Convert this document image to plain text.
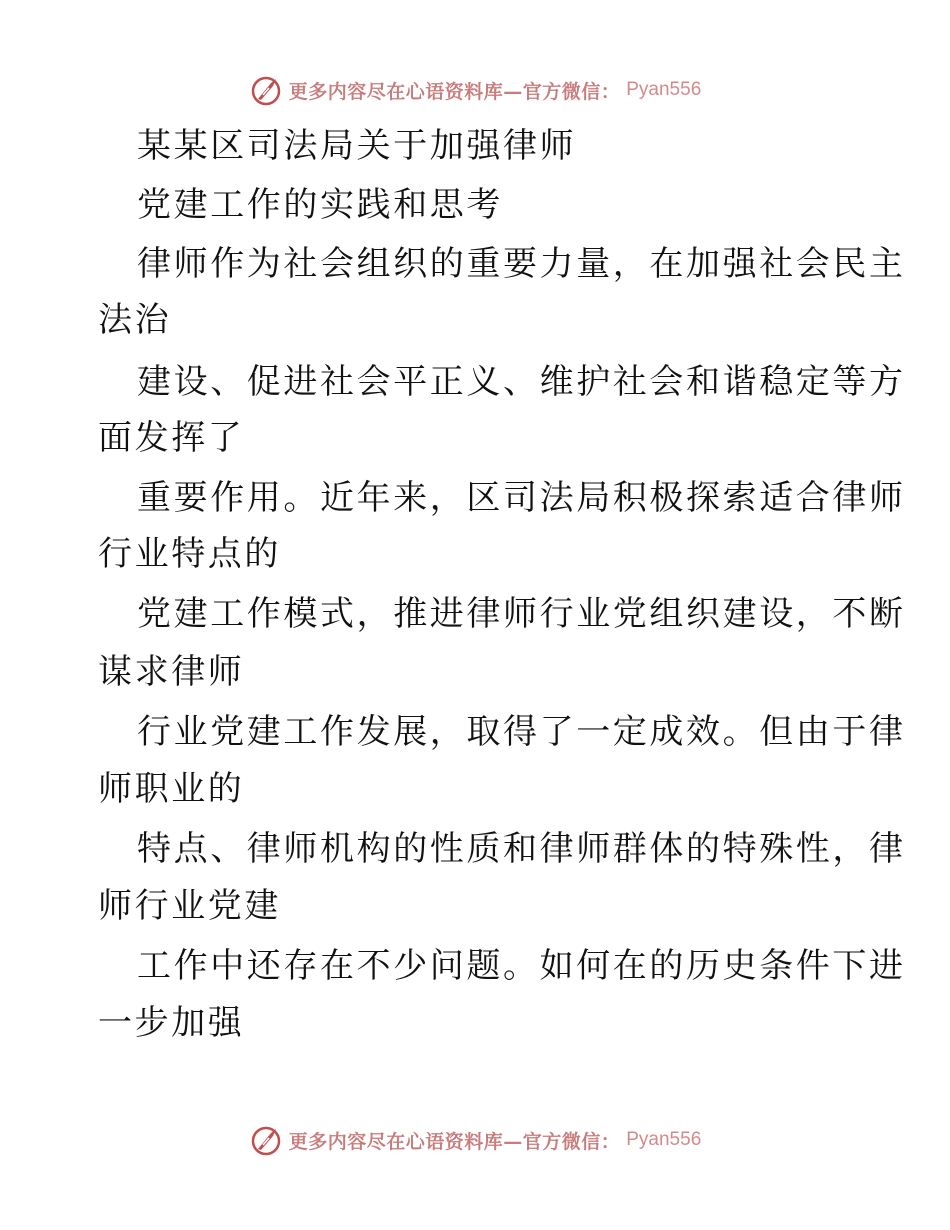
更多内容尽在心语资料库—官方微信： Pyan556
某某区司法局关于加强律师
党建工作的实践和思考
律师作为社会组织的重要力量，在加强社会民主
法治
建设、促进社会平正义、维护社会和谐稳定等方
面发挥了
重要作用。近年来，区司法局积极探索适合律师
行业特点的
党建工作模式，推进律师行业党组织建设，不断
谋求律师
行业党建工作发展，取得了一定成效。但由于律
师职业的
特点、律师机构的性质和律师群体的特殊性，律
师行业党建
工作中还存在不少问题。如何在的历史条件下进
一步加强
更多内容尽在心语资料库—官方微信： Pyan556
